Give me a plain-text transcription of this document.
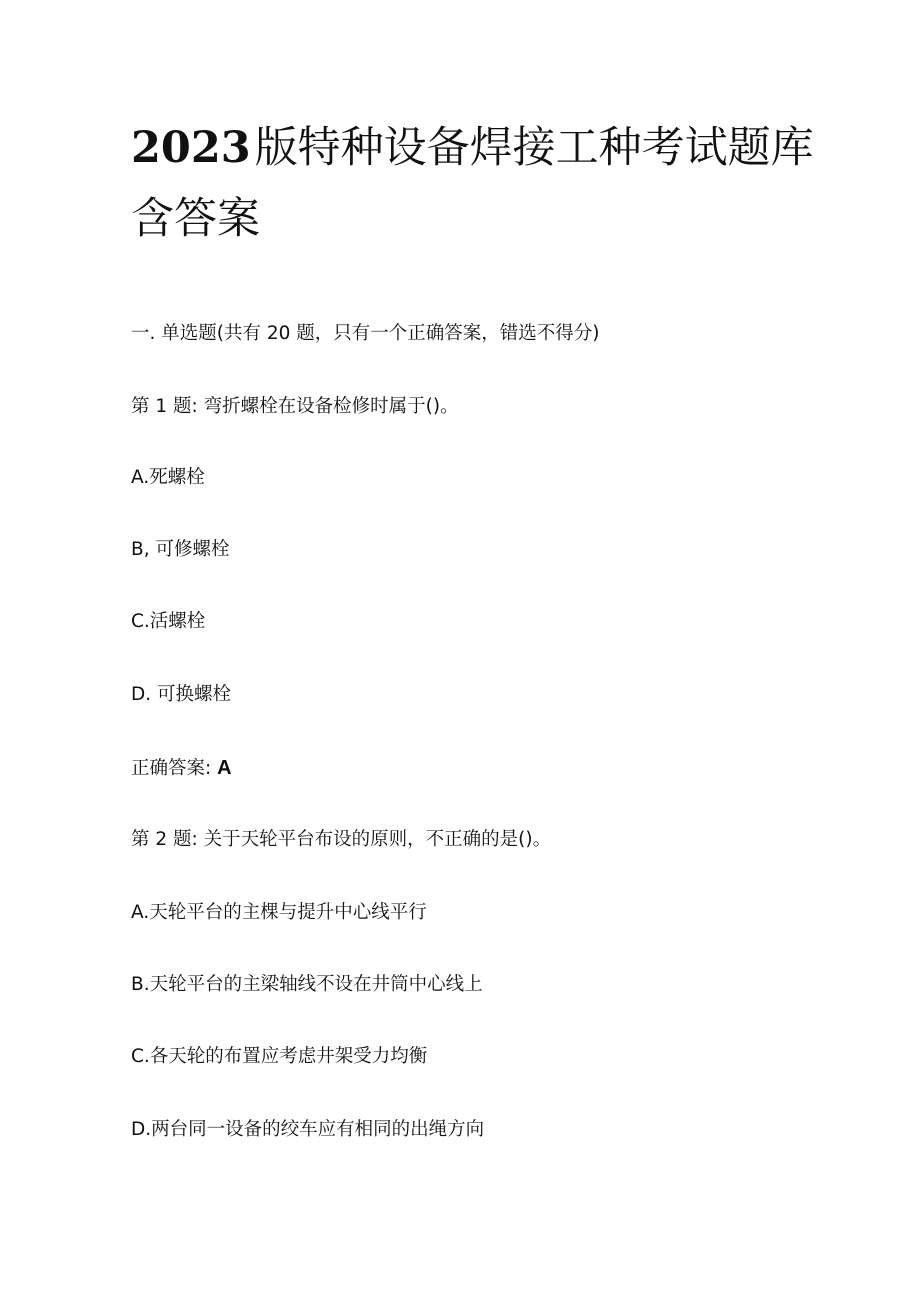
2023版特种设备焊接工种考试题库
含答案
一. 单选题(共有 20 题，只有一个正确答案，错选不得分)
第 1 题: 弯折螺栓在设备检修时属于()。
A.死螺栓
B, 可修螺栓
C.活螺栓
D. 可换螺栓
正确答案: A
第 2 题: 关于天轮平台布设的原则，不正确的是()。
A.天轮平台的主棵与提升中心线平行
B.天轮平台的主梁轴线不设在井筒中心线上
C.各天轮的布置应考虑井架受力均衡
D.两台同一设备的绞车应有相同的出绳方向
